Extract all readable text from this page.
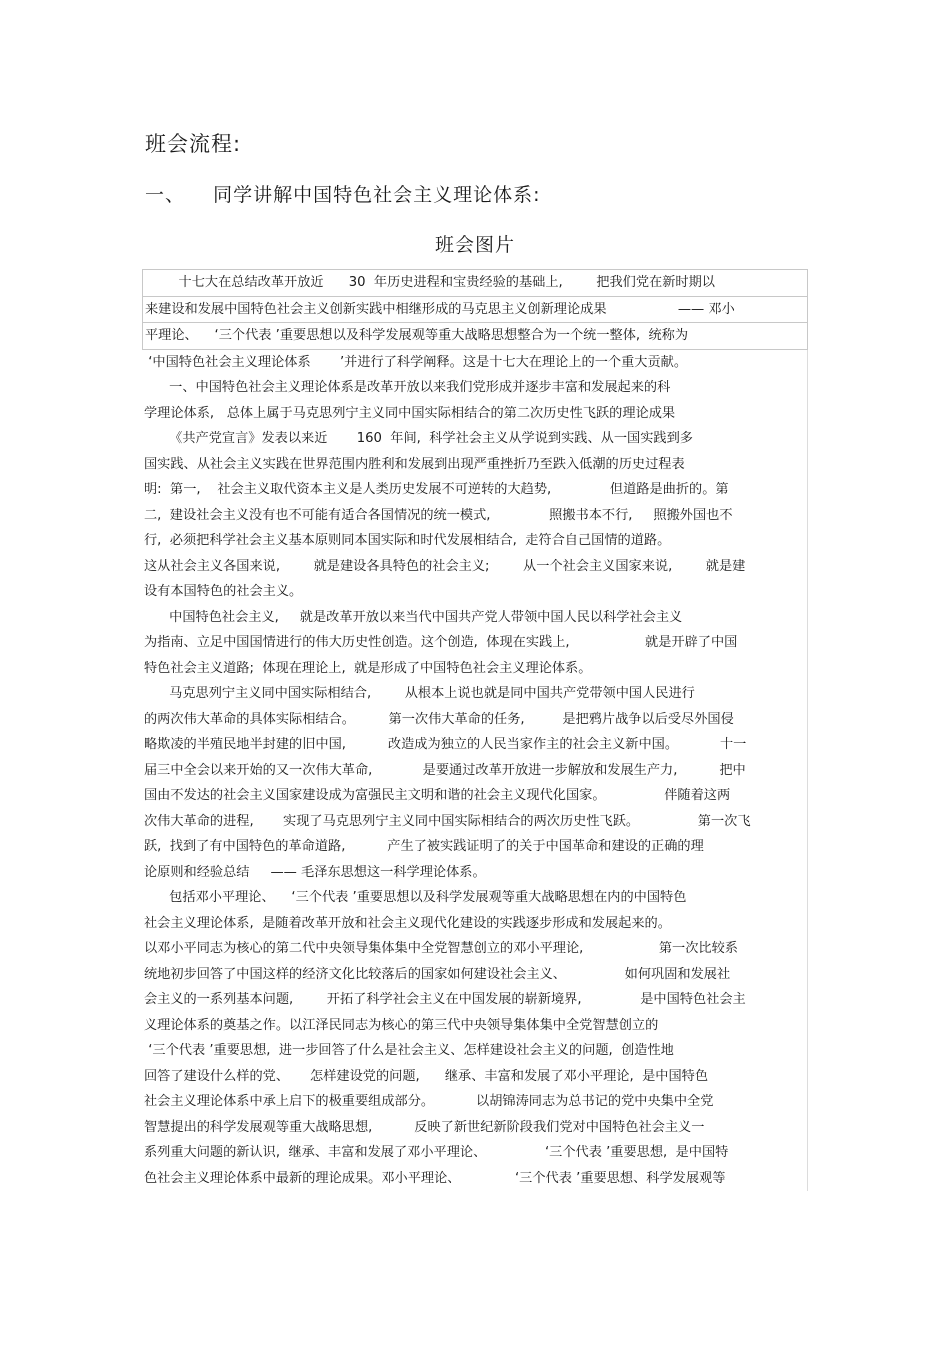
班会流程:
一、    同学讲解中国特色社会主义理论体系:
班会图片
十七大在总结改革开放近      30  年历史进程和宝贵经验的基础上,        把我们党在新时期以
来建设和发展中国特色社会主义创新实践中相继形成的马克思主义创新理论成果                 —— 邓小
平理论、    ‘三个代表 ’重要思想以及科学发展观等重大战略思想整合为一个统一整体,  统称为
‘中国特色社会主义理论体系       ’并进行了科学阐释。这是十七大在理论上的一个重大贡献。
一、中国特色社会主义理论体系是改革开放以来我们党形成并逐步丰富和发展起来的科
学理论体系,   总体上属于马克思列宁主义同中国实际相结合的第二次历史性飞跃的理论成果
《共产党宣言》发表以来近       160  年间,  科学社会主义从学说到实践、从一国实践到多
国实践、从社会主义实践在世界范围内胜利和发展到出现严重挫折乃至跌入低潮的历史过程表
明:  第一,    社会主义取代资本主义是人类历史发展不可逆转的大趋势,              但道路是曲折的。第
二,  建设社会主义没有也不可能有适合各国情况的统一模式,              照搬书本不行,     照搬外国也不
行,  必须把科学社会主义基本原则同本国实际和时代发展相结合,  走符合自己国情的道路。
这从社会主义各国来说,        就是建设各具特色的社会主义;        从一个社会主义国家来说,        就是建
设有本国特色的社会主义。
中国特色社会主义,     就是改革开放以来当代中国共产党人带领中国人民以科学社会主义
为指南、立足中国国情进行的伟大历史性创造。这个创造,  体现在实践上,                  就是开辟了中国
特色社会主义道路;  体现在理论上,  就是形成了中国特色社会主义理论体系。
马克思列宁主义同中国实际相结合,        从根本上说也就是同中国共产党带领中国人民进行
的两次伟大革命的具体实际相结合。        第一次伟大革命的任务,         是把鸦片战争以后受尽外国侵
略欺凌的半殖民地半封建的旧中国,          改造成为独立的人民当家作主的社会主义新中国。          十一
届三中全会以来开始的又一次伟大革命,            是要通过改革开放进一步解放和发展生产力,          把中
国由不发达的社会主义国家建设成为富强民主文明和谐的社会主义现代化国家。              伴随着这两
次伟大革命的进程,       实现了马克思列宁主义同中国实际相结合的两次历史性飞跃。              第一次飞
跃,  找到了有中国特色的革命道路,          产生了被实践证明了的关于中国革命和建设的正确的理
论原则和经验总结     —— 毛泽东思想这一科学理论体系。
包括邓小平理论、    ‘三个代表 ’重要思想以及科学发展观等重大战略思想在内的中国特色
社会主义理论体系,  是随着改革开放和社会主义现代化建设的实践逐步形成和发展起来的。
以邓小平同志为核心的第二代中央领导集体集中全党智慧创立的邓小平理论,                  第一次比较系
统地初步回答了中国这样的经济文化比较落后的国家如何建设社会主义、              如何巩固和发展社
会主义的一系列基本问题,        开拓了科学社会主义在中国发展的崭新境界,              是中国特色社会主
义理论体系的奠基之作。以江泽民同志为核心的第三代中央领导集体集中全党智慧创立的
‘三个代表 ’重要思想,  进一步回答了什么是社会主义、怎样建设社会主义的问题,  创造性地
回答了建设什么样的党、     怎样建设党的问题,      继承、丰富和发展了邓小平理论,  是中国特色
社会主义理论体系中承上启下的极重要组成部分。          以胡锦涛同志为总书记的党中央集中全党
智慧提出的科学发展观等重大战略思想,          反映了新世纪新阶段我们党对中国特色社会主义一
系列重大问题的新认识,  继承、丰富和发展了邓小平理论、              ‘三个代表 ’重要思想,  是中国特
色社会主义理论体系中最新的理论成果。邓小平理论、             ‘三个代表 ’重要思想、科学发展观等
